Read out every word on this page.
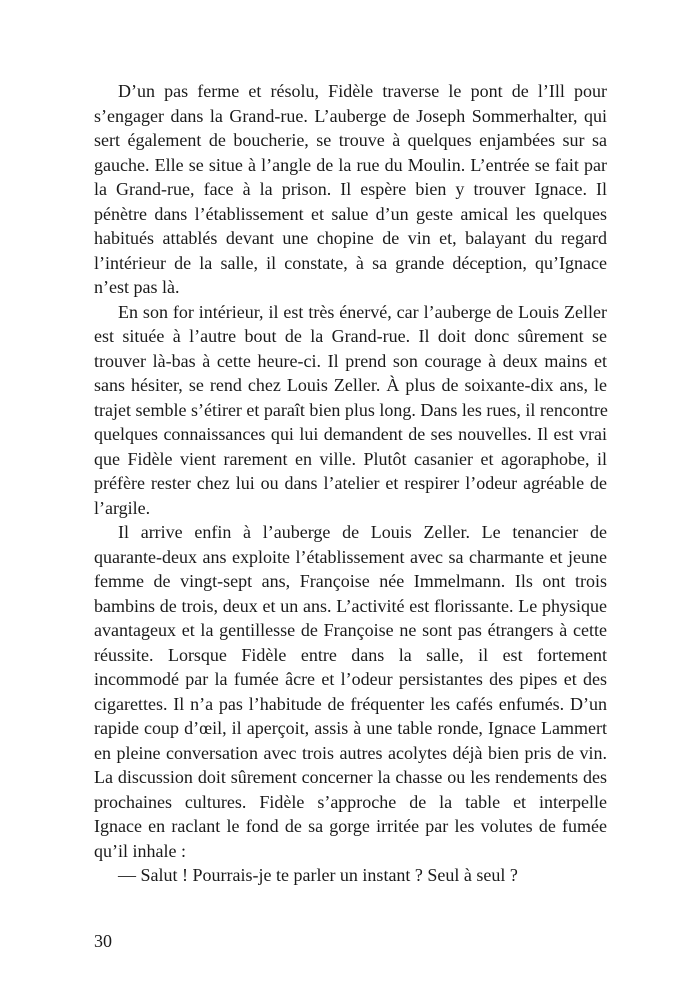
D’un pas ferme et résolu, Fidèle traverse le pont de l’Ill pour
s’engager dans la Grand-rue. L’auberge de Joseph Sommerhalter, qui
sert également de boucherie, se trouve à quelques enjambées sur sa
gauche. Elle se situe à l’angle de la rue du Moulin. L’entrée se fait par
la Grand-rue, face à la prison. Il espère bien y trouver Ignace. Il
pénètre dans l’établissement et salue d’un geste amical les quelques
habitués attablés devant une chopine de vin et, balayant du regard
l’intérieur de la salle, il constate, à sa grande déception, qu’Ignace
n’est pas là.
En son for intérieur, il est très énervé, car l’auberge de Louis Zeller
est située à l’autre bout de la Grand-rue. Il doit donc sûrement se
trouver là-bas à cette heure-ci. Il prend son courage à deux mains et
sans hésiter, se rend chez Louis Zeller. À plus de soixante-dix ans, le
trajet semble s’étirer et paraît bien plus long. Dans les rues, il rencontre
quelques connaissances qui lui demandent de ses nouvelles. Il est vrai
que Fidèle vient rarement en ville. Plutôt casanier et agoraphobe, il
préfère rester chez lui ou dans l’atelier et respirer l’odeur agréable de
l’argile.
Il arrive enfin à l’auberge de Louis Zeller. Le tenancier de
quarante-deux ans exploite l’établissement avec sa charmante et jeune
femme de vingt-sept ans, Françoise née Immelmann. Ils ont trois
bambins de trois, deux et un ans. L’activité est florissante. Le physique
avantageux et la gentillesse de Françoise ne sont pas étrangers à cette
réussite. Lorsque Fidèle entre dans la salle, il est fortement
incommodé par la fumée âcre et l’odeur persistantes des pipes et des
cigarettes. Il n’a pas l’habitude de fréquenter les cafés enfumés. D’un
rapide coup d’œil, il aperçoit, assis à une table ronde, Ignace Lammert
en pleine conversation avec trois autres acolytes déjà bien pris de vin.
La discussion doit sûrement concerner la chasse ou les rendements des
prochaines cultures. Fidèle s’approche de la table et interpelle
Ignace en raclant le fond de sa gorge irritée par les volutes de fumée
qu’il inhale :
— Salut ! Pourrais-je te parler un instant ? Seul à seul ?
30
